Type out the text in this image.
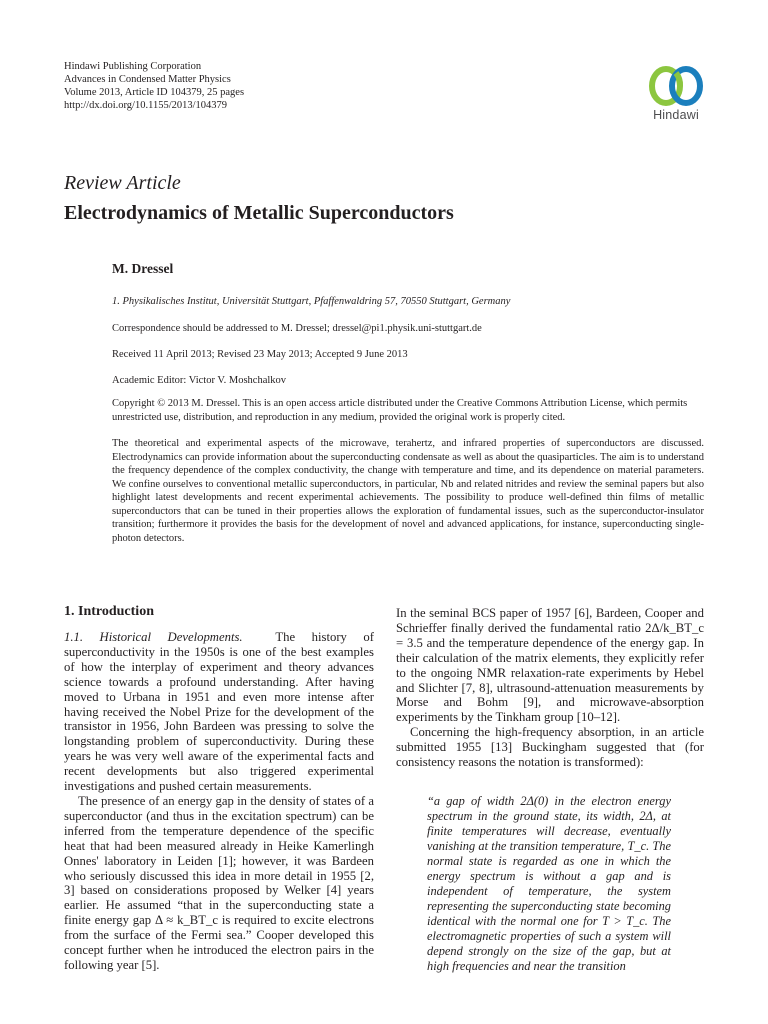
Hindawi Publishing Corporation
Advances in Condensed Matter Physics
Volume 2013, Article ID 104379, 25 pages
http://dx.doi.org/10.1155/2013/104379
Hindawi
Review Article
Electrodynamics of Metallic Superconductors
M. Dressel
1. Physikalisches Institut, Universität Stuttgart, Pfaffenwaldring 57, 70550 Stuttgart, Germany
Correspondence should be addressed to M. Dressel; dressel@pi1.physik.uni-stuttgart.de
Received 11 April 2013; Revised 23 May 2013; Accepted 9 June 2013
Academic Editor: Victor V. Moshchalkov
Copyright © 2013 M. Dressel. This is an open access article distributed under the Creative Commons Attribution License, which permits unrestricted use, distribution, and reproduction in any medium, provided the original work is properly cited.
The theoretical and experimental aspects of the microwave, terahertz, and infrared properties of superconductors are discussed. Electrodynamics can provide information about the superconducting condensate as well as about the quasiparticles. The aim is to understand the frequency dependence of the complex conductivity, the change with temperature and time, and its dependence on material parameters. We confine ourselves to conventional metallic superconductors, in particular, Nb and related nitrides and review the seminal papers but also highlight latest developments and recent experimental achievements. The possibility to produce well-defined thin films of metallic superconductors that can be tuned in their properties allows the exploration of fundamental issues, such as the superconductor-insulator transition; furthermore it provides the basis for the development of novel and advanced applications, for instance, superconducting single-photon detectors.
1. Introduction

1.1. Historical Developments.	The history of superconductivity in the 1950s is one of the best examples of how the interplay of experiment and theory advances science towards a profound understanding. After having moved to Urbana in 1951 and even more intense after having received the Nobel Prize for the development of the transistor in 1956, John Bardeen was pressing to solve the longstanding problem of superconductivity. During these years he was very well aware of the experimental facts and recent developments but also triggered experimental investigations and pushed certain measurements.

The presence of an energy gap in the density of states of a superconductor (and thus in the excitation spectrum) can be inferred from the temperature dependence of the specific heat that had been measured already in Heike Kamerlingh Onnes' laboratory in Leiden [1]; however, it was Bardeen who seriously discussed this idea in more detail in 1955 [2, 3] based on considerations proposed by Welker [4] years earlier. He assumed “that in the superconducting state a finite energy gap Δ ≈ k_BT_c is required to excite electrons from the surface of the Fermi sea.” Cooper developed this concept further when he introduced the electron pairs in the following year [5].

In the seminal BCS paper of 1957 [6], Bardeen, Cooper and Schrieffer finally derived the fundamental ratio 2Δ/k_BT_c = 3.5 and the temperature dependence of the energy gap. In their calculation of the matrix elements, they explicitly refer to the ongoing NMR relaxation-rate experiments by Hebel and Slichter [7, 8], ultrasound-attenuation measurements by Morse and Bohm [9], and microwave-absorption experiments by the Tinkham group [10–12].

Concerning the high-frequency absorption, in an article submitted 1955 [13] Buckingham suggested that (for consistency reasons the notation is transformed):

“a gap of width 2Δ(0) in the electron energy spectrum in the ground state, its width, 2Δ, at finite temperatures will decrease, eventually vanishing at the transition temperature, T_c. The normal state is regarded as one in which the energy spectrum is without a gap and is independent of temperature, the system representing the superconducting state becoming identical with the normal one for T > T_c. The electromagnetic properties of such a system will depend strongly on the size of the gap, but at high frequencies and near the transition
